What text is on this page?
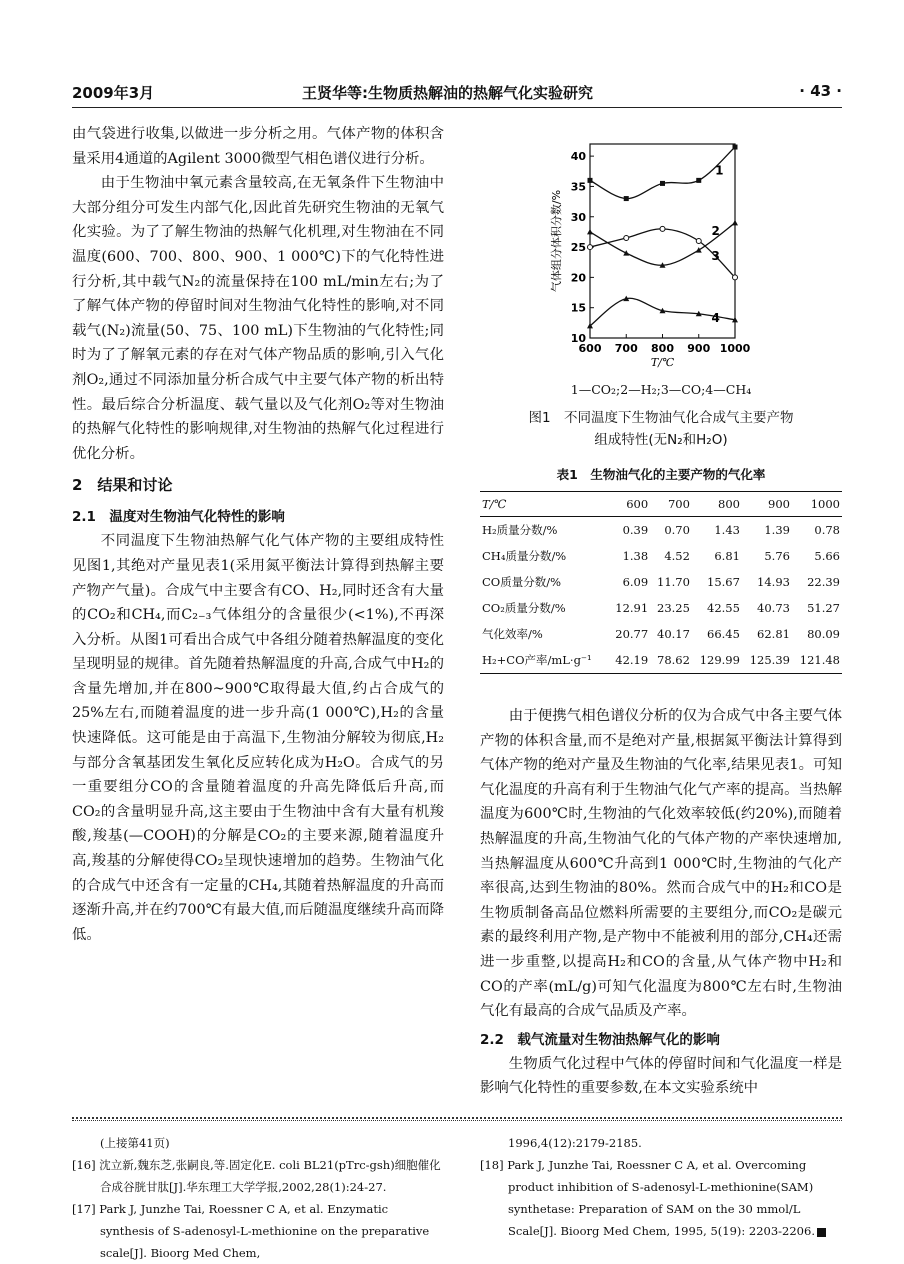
2009年3月	王贤华等:生物质热解油的热解气化实验研究	· 43 ·

由气袋进行收集,以做进一步分析之用。气体产物的体积含量采用4通道的Agilent 3000微型气相色谱仪进行分析。

由于生物油中氧元素含量较高,在无氧条件下生物油中大部分组分可发生内部气化,因此首先研究生物油的无氧气化实验。为了了解生物油的热解气化机理,对生物油在不同温度(600、700、800、900、1 000℃)下的气化特性进行分析,其中载气N₂的流量保持在100 mL/min左右;为了了解气体产物的停留时间对生物油气化特性的影响,对不同载气(N₂)流量(50、75、100 mL)下生物油的气化特性;同时为了了解氧元素的存在对气体产物品质的影响,引入气化剂O₂,通过不同添加量分析合成气中主要气体产物的析出特性。最后综合分析温度、载气量以及气化剂O₂等对生物油的热解气化特性的影响规律,对生物油的热解气化过程进行优化分析。

2　结果和讨论
2.1　温度对生物油气化特性的影响

不同温度下生物油热解气化气体产物的主要组成特性见图1,其绝对产量见表1(采用氮平衡法计算得到热解主要产物产气量)。合成气中主要含有CO、H₂,同时还含有大量的CO₂和CH₄,而C₂₋₃气体组分的含量很少(<1%),不再深入分析。从图1可看出合成气中各组分随着热解温度的变化呈现明显的规律。首先随着热解温度的升高,合成气中H₂的含量先增加,并在800~900℃取得最大值,约占合成气的25%左右,而随着温度的进一步升高(1 000℃),H₂的含量快速降低。这可能是由于高温下,生物油分解较为彻底,H₂与部分含氧基团发生氧化反应转化成为H₂O。合成气的另一重要组分CO的含量随着温度的升高先降低后升高,而CO₂的含量明显升高,这主要由于生物油中含有大量有机羧酸,羧基(—COOH)的分解是CO₂的主要来源,随着温度升高,羧基的分解使得CO₂呈现快速增加的趋势。生物油气化的合成气中还含有一定量的CH₄,其随着热解温度的升高而逐渐升高,并在约700℃有最大值,而后随温度继续升高而降低。

600 700 800 900 1000
10
15
20
25
30
35
40
1
2
3
4
气体组分体积分数/%
T/℃
1—CO₂;2—H₂;3—CO;4—CH₄
图1　不同温度下生物油气化合成气主要产物
组成特性(无N₂和H₂O)
表1　生物油气化的主要产物的气化率
T/℃	600	700	800	900	1000
H₂质量分数/%	0.39	0.70	1.43	1.39	0.78
CH₄质量分数/%	1.38	4.52	6.81	5.76	5.66
CO质量分数/%	6.09	11.70	15.67	14.93	22.39
CO₂质量分数/%	12.91	23.25	42.55	40.73	51.27
气化效率/%	20.77	40.17	66.45	62.81	80.09
H₂+CO产率/mL·g⁻¹	42.19	78.62	129.99	125.39	121.48

由于便携气相色谱仪分析的仅为合成气中各主要气体产物的体积含量,而不是绝对产量,根据氮平衡法计算得到气体产物的绝对产量及生物油的气化率,结果见表1。可知气化温度的升高有利于生物油气化气产率的提高。当热解温度为600℃时,生物油的气化效率较低(约20%),而随着热解温度的升高,生物油气化的气体产物的产率快速增加,当热解温度从600℃升高到1 000℃时,生物油的气化产率很高,达到生物油的80%。然而合成气中的H₂和CO是生物质制备高品位燃料所需要的主要组分,而CO₂是碳元素的最终利用产物,是产物中不能被利用的部分,CH₄还需进一步重整,以提高H₂和CO的含量,从气体产物中H₂和CO的产率(mL/g)可知气化温度为800℃左右时,生物油气化有最高的合成气品质及产率。

2.2　载气流量对生物油热解气化的影响

生物质气化过程中气体的停留时间和气化温度一样是影响气化特性的重要参数,在本文实验系统中

(上接第41页)
[16] 沈立新,魏东芝,张嗣良,等.固定化E. coli BL21(pTrc-gsh)细胞催化合成谷胱甘肽[J].华东理工大学学报,2002,28(1):24-27.
[17] Park J, Junzhe Tai, Roessner C A, et al. Enzymatic synthesis of S-adenosyl-L-methionine on the preparative scale[J]. Bioorg Med Chem,
1996,4(12):2179-2185.
[18] Park J, Junzhe Tai, Roessner C A, et al. Overcoming product inhibition of S-adenosyl-L-methionine(SAM) synthetase: Preparation of SAM on the 30 mmol/L Scale[J]. Bioorg Med Chem, 1995, 5(19): 2203-2206.
